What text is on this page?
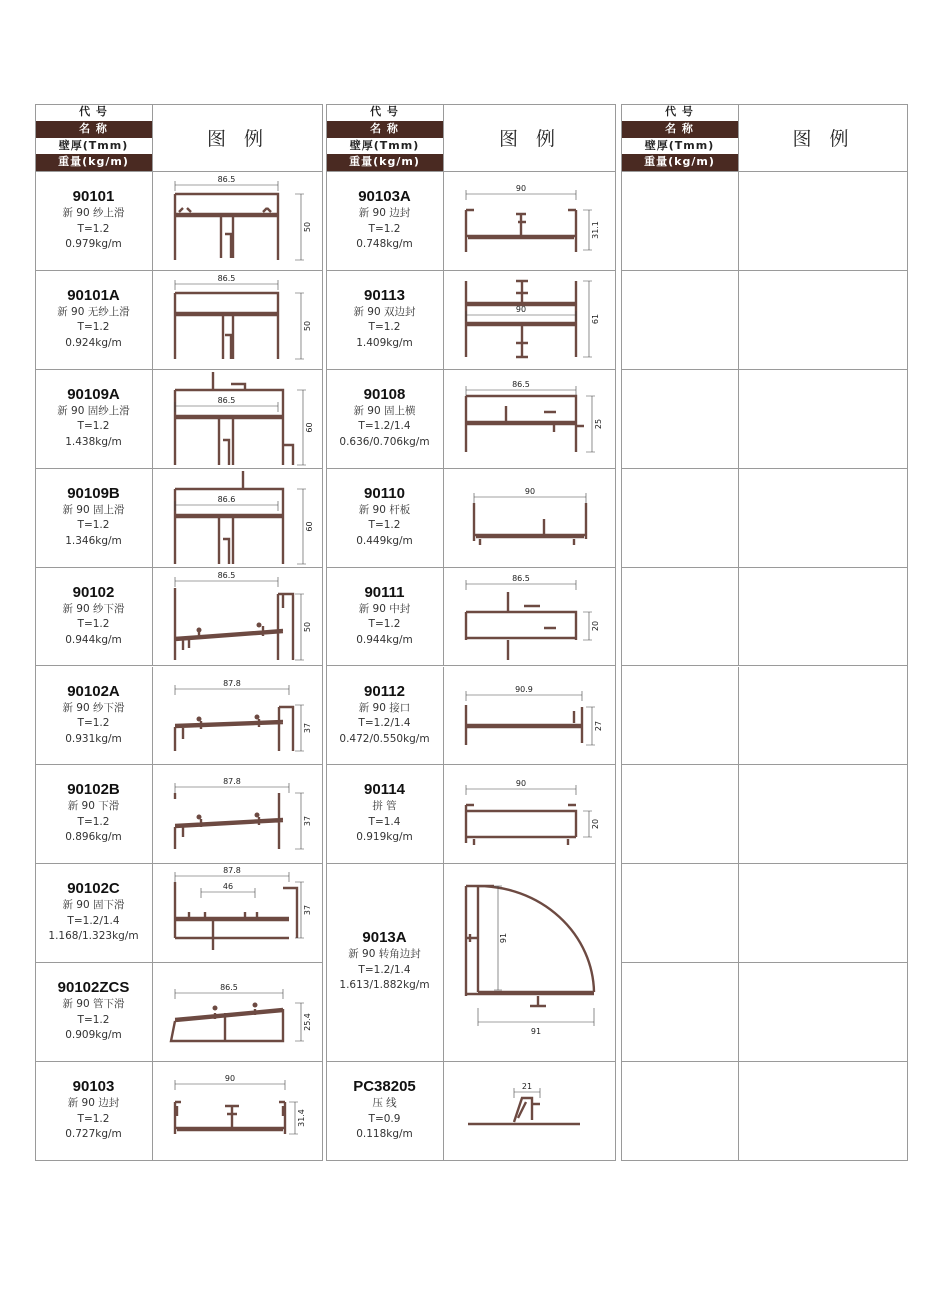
代 号
名 称
壁厚(Tmm)
重量(kg/m)
图 例
90101
新 90 纱上滑
T=1.2
0.979kg/m
86.5
50
90101A
新 90 无纱上滑
T=1.2
0.924kg/m
86.5
50
90109A
新 90 固纱上滑
T=1.2
1.438kg/m
86.5
60
90109B
新 90 固上滑
T=1.2
1.346kg/m
86.6
60
90102
新 90 纱下滑
T=1.2
0.944kg/m
86.5
50
90102A
新 90 纱下滑
T=1.2
0.931kg/m
87.8
37
90102B
新 90 下滑
T=1.2
0.896kg/m
87.8
37
90102C
新 90 固下滑
T=1.2/1.4
1.168/1.323kg/m
87.8
46
37
90102ZCS
新 90 管下滑
T=1.2
0.909kg/m
86.5
25.4
90103
新 90 边封
T=1.2
0.727kg/m
90
31.4
代 号
名 称
壁厚(Tmm)
重量(kg/m)
图 例
90103A
新 90 边封
T=1.2
0.748kg/m
90
31.1
90113
新 90 双边封
T=1.2
1.409kg/m
90
61
90108
新 90 固上横
T=1.2/1.4
0.636/0.706kg/m
86.5
25
90110
新 90 杆板
T=1.2
0.449kg/m
90
90111
新 90 中封
T=1.2
0.944kg/m
86.5
20
90112
新 90 接口
T=1.2/1.4
0.472/0.550kg/m
90.9
27
90114
拼 管
T=1.4
0.919kg/m
90
20
9013A
新 90 转角边封
T=1.2/1.4
1.613/1.882kg/m
91
91
PC38205
压 线
T=0.9
0.118kg/m
21
代 号
名 称
壁厚(Tmm)
重量(kg/m)
图 例
